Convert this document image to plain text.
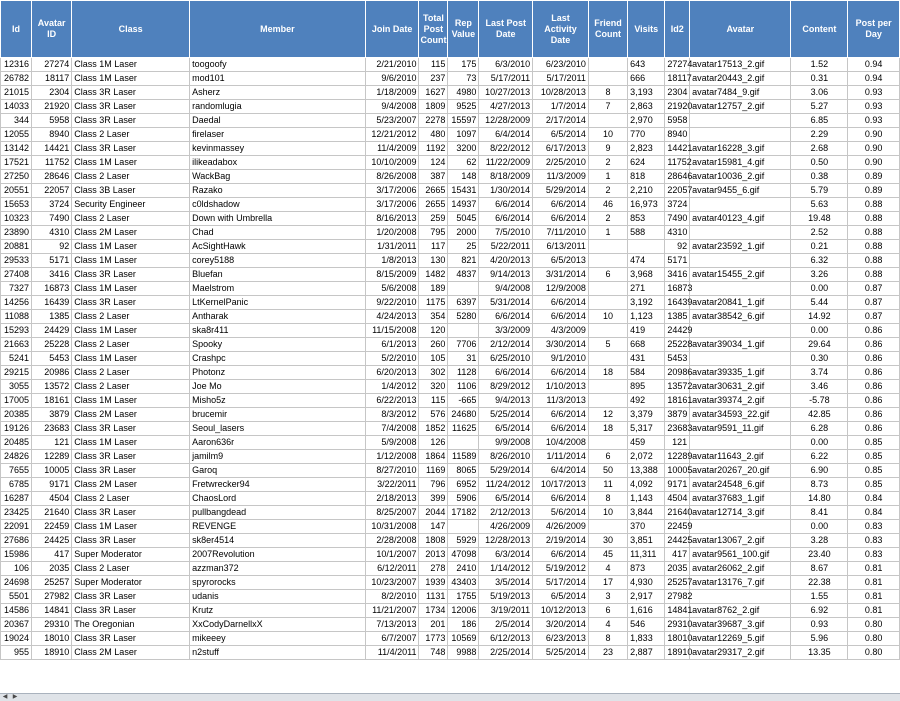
Id	Avatar ID	Class	Member	Join Date	Total Post Count	Rep Value	Last Post Date	Last Activity Date	Friend Count	Visits	Id2	Avatar	Content	Post per Day
12316	27274	Class 1M Laser	toogoofy	2/21/2010	115	175	6/3/2010	6/23/2010		643	27274	avatar17513_2.gif	1.52	0.94
26782	18117	Class 1M Laser	mod101	9/6/2010	237	73	5/17/2011	5/17/2011		666	18117	avatar20443_2.gif	0.31	0.94
21015	2304	Class 3R Laser	Asherz	1/18/2009	1627	4980	10/27/2013	10/28/2013	8	3,193	2304	avatar7484_9.gif	3.06	0.93
14033	21920	Class 3R Laser	randomlugia	9/4/2008	1809	9525	4/27/2013	1/7/2014	7	2,863	21920	avatar12757_2.gif	5.27	0.93
344	5958	Class 3R Laser	Daedal	5/23/2007	2278	15597	12/28/2009	2/17/2014		2,970	5958		6.85	0.93
12055	8940	Class 2 Laser	firelaser	12/21/2012	480	1097	6/4/2014	6/5/2014	10	770	8940		2.29	0.90
13142	14421	Class 3R Laser	kevinmassey	11/4/2009	1192	3200	8/22/2012	6/17/2013	9	2,823	14421	avatar16228_3.gif	2.68	0.90
17521	11752	Class 1M Laser	ilikeadabox	10/10/2009	124	62	11/22/2009	2/25/2010	2	624	11752	avatar15981_4.gif	0.50	0.90
27250	28646	Class 2 Laser	WackBag	8/26/2008	387	148	8/18/2009	11/3/2009	1	818	28646	avatar10036_2.gif	0.38	0.89
20551	22057	Class 3B Laser	Razako	3/17/2006	2665	15431	1/30/2014	5/29/2014	2	2,210	22057	avatar9455_6.gif	5.79	0.89
15653	3724	Security Engineer	c0ldshadow	3/17/2006	2655	14937	6/6/2014	6/6/2014	46	16,973	3724		5.63	0.88
10323	7490	Class 2 Laser	Down with Umbrella	8/16/2013	259	5045	6/6/2014	6/6/2014	2	853	7490	avatar40123_4.gif	19.48	0.88
23890	4310	Class 2M Laser	Chad	1/20/2008	795	2000	7/5/2010	7/11/2010	1	588	4310		2.52	0.88
20881	92	Class 1M Laser	AcSightHawk	1/31/2011	117	25	5/22/2011	6/13/2011			92	avatar23592_1.gif	0.21	0.88
29533	5171	Class 1M Laser	corey5188	1/8/2013	130	821	4/20/2013	6/5/2013		474	5171		6.32	0.88
27408	3416	Class 3R Laser	Bluefan	8/15/2009	1482	4837	9/14/2013	3/31/2014	6	3,968	3416	avatar15455_2.gif	3.26	0.88
7327	16873	Class 1M Laser	Maelstrom	5/6/2008	189		9/4/2008	12/9/2008		271	16873		0.00	0.87
14256	16439	Class 3R Laser	LtKernelPanic	9/22/2010	1175	6397	5/31/2014	6/6/2014		3,192	16439	avatar20841_1.gif	5.44	0.87
11088	1385	Class 2 Laser	Antharak	4/24/2013	354	5280	6/6/2014	6/6/2014	10	1,123	1385	avatar38542_6.gif	14.92	0.87
15293	24429	Class 1M Laser	ska8r411	11/15/2008	120		3/3/2009	4/3/2009		419	24429		0.00	0.86
21663	25228	Class 2 Laser	Spooky	6/1/2013	260	7706	2/12/2014	3/30/2014	5	668	25228	avatar39034_1.gif	29.64	0.86
5241	5453	Class 1M Laser	Crashpc	5/2/2010	105	31	6/25/2010	9/1/2010		431	5453		0.30	0.86
29215	20986	Class 2 Laser	Photonz	6/20/2013	302	1128	6/6/2014	6/6/2014	18	584	20986	avatar39335_1.gif	3.74	0.86
3055	13572	Class 2 Laser	Joe Mo	1/4/2012	320	1106	8/29/2012	1/10/2013		895	13572	avatar30631_2.gif	3.46	0.86
17005	18161	Class 1M Laser	Misho5z	6/22/2013	115	-665	9/4/2013	11/3/2013		492	18161	avatar39374_2.gif	-5.78	0.86
20385	3879	Class 2M Laser	brucemir	8/3/2012	576	24680	5/25/2014	6/6/2014	12	3,379	3879	avatar34593_22.gif	42.85	0.86
19126	23683	Class 3R Laser	Seoul_lasers	7/4/2008	1852	11625	6/5/2014	6/6/2014	18	5,317	23683	avatar9591_11.gif	6.28	0.86
20485	121	Class 1M Laser	Aaron636r	5/9/2008	126		9/9/2008	10/4/2008		459	121		0.00	0.85
24826	12289	Class 3R Laser	jamilm9	1/12/2008	1864	11589	8/26/2010	1/11/2014	6	2,072	12289	avatar11643_2.gif	6.22	0.85
7655	10005	Class 3R Laser	Garoq	8/27/2010	1169	8065	5/29/2014	6/4/2014	50	13,388	10005	avatar20267_20.gif	6.90	0.85
6785	9171	Class 2M Laser	Fretwrecker94	3/22/2011	796	6952	11/24/2012	10/17/2013	11	4,092	9171	avatar24548_6.gif	8.73	0.85
16287	4504	Class 2 Laser	ChaosLord	2/18/2013	399	5906	6/5/2014	6/6/2014	8	1,143	4504	avatar37683_1.gif	14.80	0.84
23425	21640	Class 3R Laser	pullbangdead	8/25/2007	2044	17182	2/12/2013	5/6/2014	10	3,844	21640	avatar12714_3.gif	8.41	0.84
22091	22459	Class 1M Laser	REVENGE	10/31/2008	147		4/26/2009	4/26/2009		370	22459		0.00	0.83
27686	24425	Class 3R Laser	sk8er4514	2/28/2008	1808	5929	12/28/2013	2/19/2014	30	3,851	24425	avatar13067_2.gif	3.28	0.83
15986	417	Super Moderator	2007Revolution	10/1/2007	2013	47098	6/3/2014	6/6/2014	45	11,311	417	avatar9561_100.gif	23.40	0.83
106	2035	Class 2 Laser	azzman372	6/12/2011	278	2410	1/14/2012	5/19/2012	4	873	2035	avatar26062_2.gif	8.67	0.81
24698	25257	Super Moderator	spyrorocks	10/23/2007	1939	43403	3/5/2014	5/17/2014	17	4,930	25257	avatar13176_7.gif	22.38	0.81
5501	27982	Class 3R Laser	udanis	8/2/2010	1131	1755	5/19/2013	6/5/2014	3	2,917	27982		1.55	0.81
14586	14841	Class 3R Laser	Krutz	11/21/2007	1734	12006	3/19/2011	10/12/2013	6	1,616	14841	avatar8762_2.gif	6.92	0.81
20367	29310	The Oregonian	XxCodyDarnellxX	7/13/2013	201	186	2/5/2014	3/20/2014	4	546	29310	avatar39687_3.gif	0.93	0.80
19024	18010	Class 3R Laser	mikeeey	6/7/2007	1773	10569	6/12/2013	6/23/2013	8	1,833	18010	avatar12269_5.gif	5.96	0.80
955	18910	Class 2M Laser	n2stuff	11/4/2011	748	9988	2/25/2014	5/25/2014	23	2,887	18910	avatar29317_2.gif	13.35	0.80
◀ ▶
